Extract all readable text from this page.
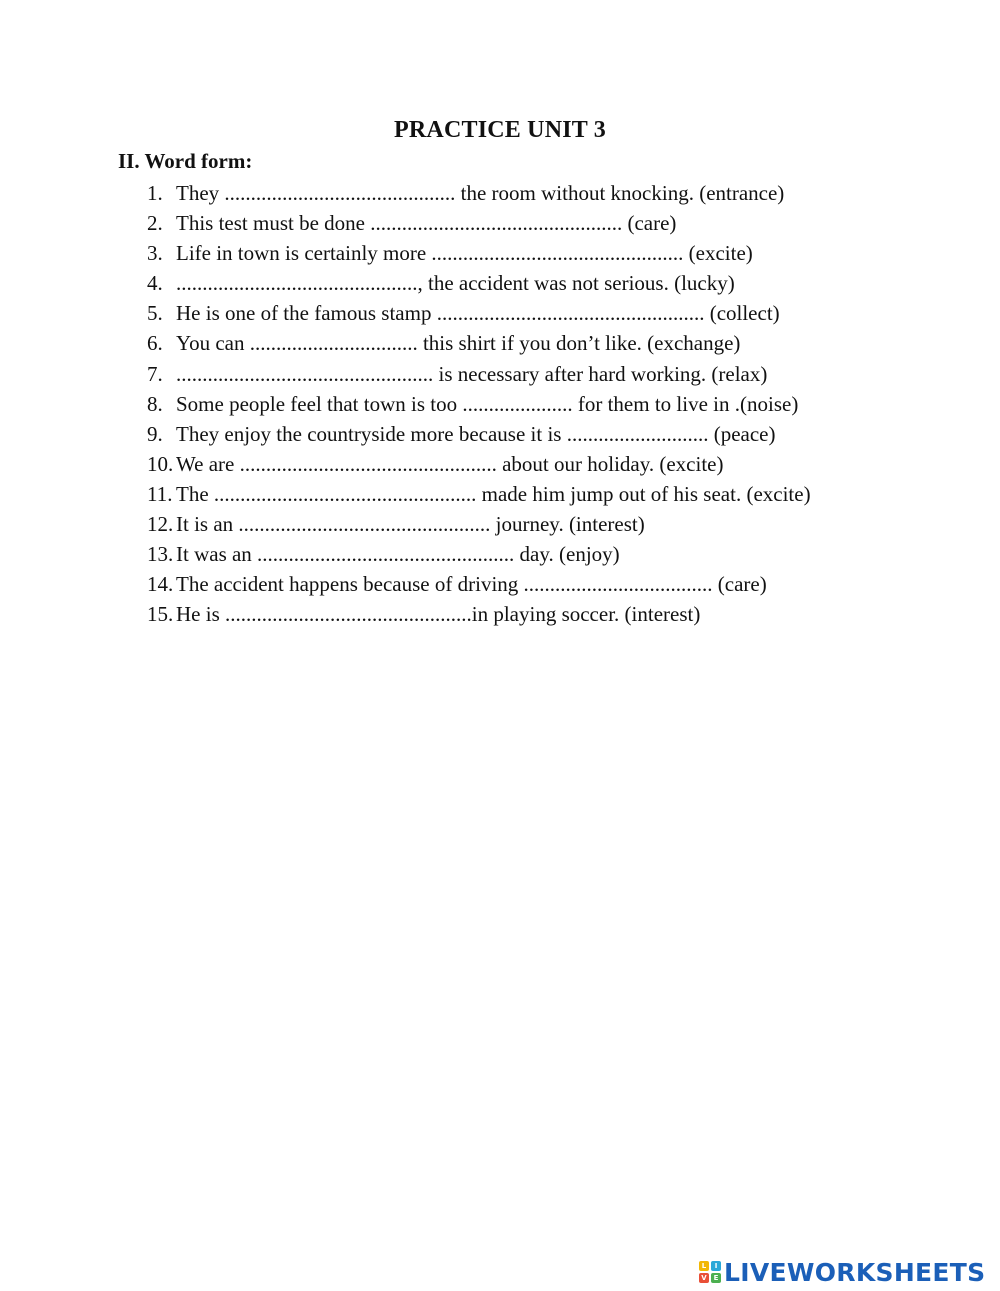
PRACTICE UNIT 3
II. Word form:
1. They ............................................ the room without knocking. (entrance)
2. This test must be done ................................................ (care)
3. Life in town is certainly more ................................................ (excite)
4. .............................................., the accident was not serious. (lucky)
5. He is one of the famous stamp ................................................... (collect)
6. You can ................................ this shirt if you don’t like. (exchange)
7. ................................................. is necessary after hard working. (relax)
8. Some people feel that town is too ..................... for them to live in .(noise)
9. They enjoy the countryside more because it is ........................... (peace)
10. We are ................................................. about our holiday. (excite)
11. The .................................................. made him jump out of his seat. (excite)
12. It is an ................................................ journey. (interest)
13. It was an ................................................. day. (enjoy)
14. The accident happens because of driving .................................... (care)
15. He is ...............................................in playing soccer. (interest)
L	I
V E LIVEWORKSHEETS
